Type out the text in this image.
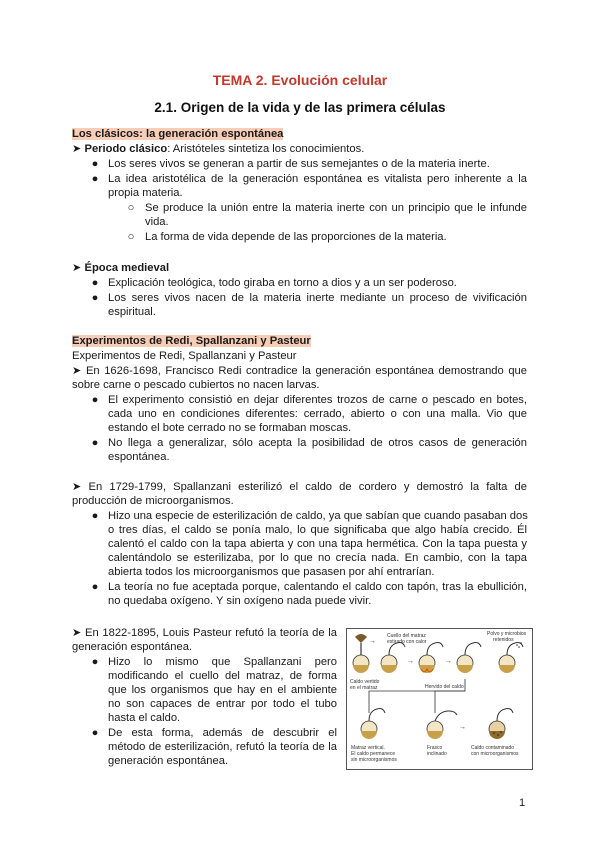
TEMA 2. Evolución celular
2.1. Origen de la vida y de las primera células
Los clásicos: la generación espontánea
➤ Periodo clásico: Aristóteles sintetiza los conocimientos.
● Los seres vivos se generan a partir de sus semejantes o de la materia inerte.
● La idea aristotélica de la generación espontánea es vitalista pero inherente a la
propia materia.
○ Se produce la unión entre la materia inerte con un principio que le infunde
vida.
○ La forma de vida depende de las proporciones de la materia.
➤ Época medieval
● Explicación teológica, todo giraba en torno a dios y a un ser poderoso.
● Los seres vivos nacen de la materia inerte mediante un proceso de vivificación
espiritual.
Experimentos de Redi, Spallanzani y Pasteur
Experimentos de Redi, Spallanzani y Pasteur
➤ En 1626-1698, Francisco Redi contradice la generación espontánea demostrando que
sobre carne o pescado cubiertos no nacen larvas.
● El experimento consistió en dejar diferentes trozos de carne o pescado en botes,
cada uno en condiciones diferentes: cerrado, abierto o con una malla. Vio que
estando el bote cerrado no se formaban moscas.
● No llega a generalizar, sólo acepta la posibilidad de otros casos de generación
espontánea.
➤ En 1729-1799, Spallanzani esterilizó el caldo de cordero y demostró la falta de
producción de microorganismos.
● Hizo una especie de esterilización de caldo, ya que sabían que cuando pasaban dos
o tres días, el caldo se ponía malo, lo que significaba que algo había crecido. Él
calentó el caldo con la tapa abierta y con una tapa hermética. Con la tapa puesta y
calentándolo se esterilizaba, por lo que no crecía nada. En cambio, con la tapa
abierta todos los microorganismos que pasasen por ahí entrarían.
● La teoría no fue aceptada porque, calentando el caldo con tapón, tras la ebullición,
no quedaba oxígeno. Y sin oxígeno nada puede vivir.
➤ En 1822-1895, Louis Pasteur refutó la teoría de la
generación espontánea.
● Hizo lo mismo que Spallanzani pero
modificando el cuello del matraz, de forma
que los organismos que hay en el ambiente
no son capaces de entrar por todo el tubo
hasta el caldo.
● De esta forma, además de descubrir el
método de esterilización, refutó la teoría de la
generación espontánea.
→
→	→
→
Cuello del matraz
estirado con calor
Polvo y microbios
retenidos
Caldo vertido
en el matraz	Hervido del caldo
Matraz vertical.
El caldo permanece
sin microorganismos
Frasco
inclinado
Caldo contaminado
con microorganismos
1
